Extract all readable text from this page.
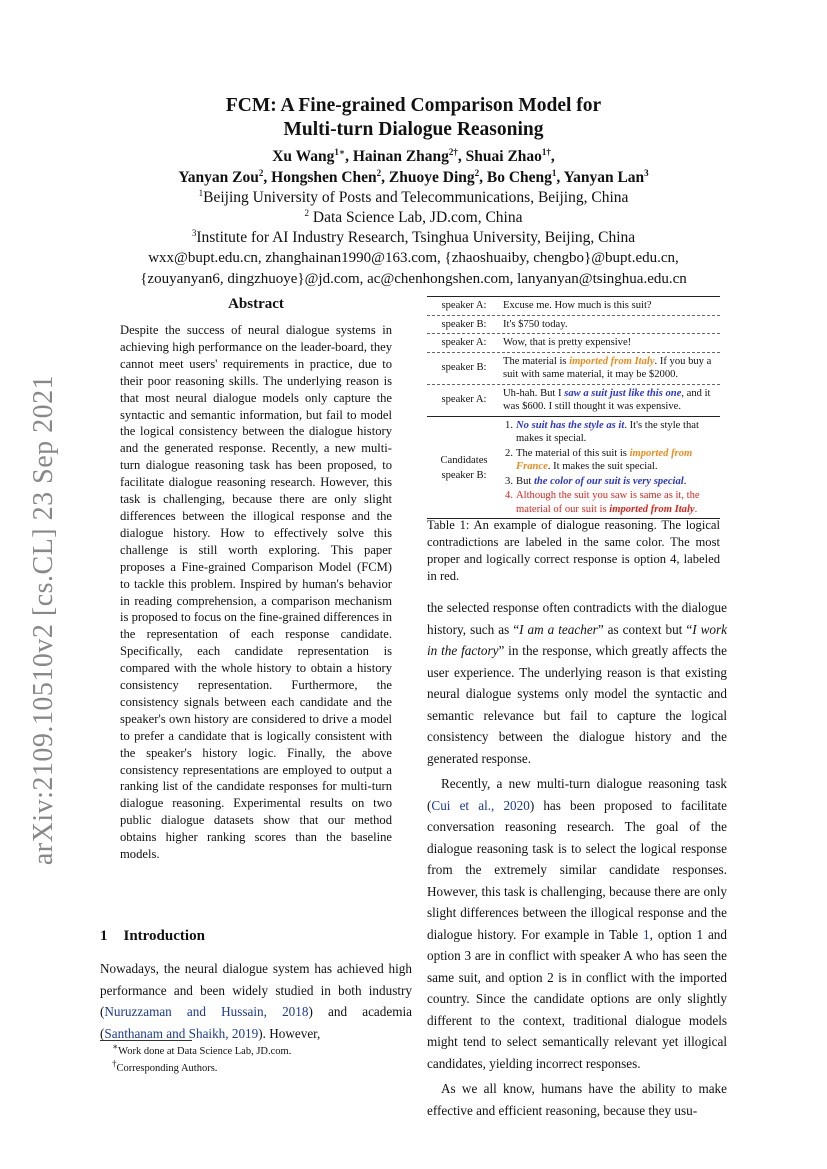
arXiv:2109.10510v2 [cs.CL] 23 Sep 2021
FCM: A Fine-grained Comparison Model for
Multi-turn Dialogue Reasoning
Xu Wang$^{1∗}$, Hainan Zhang$^{2\dagger}$, Shuai Zhao$^{1\dagger}$,
Yanyan Zou$^2$, Hongshen Chen$^2$, Zhuoye Ding$^2$, Bo Cheng$^1$, Yanyan Lan$^3$
$^1$Beijing University of Posts and Telecommunications, Beijing, China
$^2$ Data Science Lab, JD.com, China
$^3$Institute for AI Industry Research, Tsinghua University, Beijing, China
wxx@bupt.edu.cn, zhanghainan1990@163.com, {zhaoshuaiby, chengbo}@bupt.edu.cn,
{zouyanyan6, dingzhuoye}@jd.com, ac@chenhongshen.com, lanyanyan@tsinghua.edu.cn
Abstract
Despite the success of neural dialogue systems in achieving high performance on the leader-board, they cannot meet users' requirements in practice, due to their poor reasoning skills. The underlying reason is that most neural dialogue models only capture the syntactic and semantic information, but fail to model the logical consistency between the dialogue history and the generated response. Recently, a new multi-turn dialogue reasoning task has been proposed, to facilitate dialogue reasoning research. However, this task is challenging, because there are only slight differences between the illogical response and the dialogue history. How to effectively solve this challenge is still worth exploring. This paper proposes a Fine-grained Comparison Model (FCM) to tackle this problem. Inspired by human's behavior in reading comprehension, a comparison mechanism is proposed to focus on the fine-grained differences in the representation of each response candidate. Specifically, each candidate representation is compared with the whole history to obtain a history consistency representation. Furthermore, the consistency signals between each candidate and the speaker's own history are considered to drive a model to prefer a candidate that is logically consistent with the speaker's history logic. Finally, the above consistency representations are employed to output a ranking list of the candidate responses for multi-turn dialogue reasoning. Experimental results on two public dialogue datasets show that our method obtains higher ranking scores than the baseline models.
1 Introduction
Nowadays, the neural dialogue system has achieved high performance and been widely studied in both industry (Nuruzzaman and Hussain, 2018) and academia (Santhanam and Shaikh, 2019). However,
∗Work done at Data Science Lab, JD.com.
†Corresponding Authors.
speaker A:	Excuse me. How much is this suit?
speaker B:	It's $750 today.
speaker A:	Wow, that is pretty expensive!
speaker B:
The material is imported from Italy. If you buy a suit with same material, it may be $2000.
speaker A:
Uh-hah. But I saw a suit just like this one, and it was $600. I still thought it was expensive.
Candidates
speaker B:
1. No suit has the style as it. It's the style that makes it special.
2. The material of this suit is imported from France. It makes the suit special.
3. But the color of our suit is very special.
4. Although the suit you saw is same as it, the material of our suit is imported from Italy.
Table 1: An example of dialogue reasoning. The logical contradictions are labeled in the same color. The most proper and logically correct response is option 4, labeled in red.

the selected response often contradicts with the dialogue history, such as “I am a teacher” as context but “I work in the factory” in the response, which greatly affects the user experience. The underlying reason is that existing neural dialogue systems only model the syntactic and semantic relevance but fail to capture the logical consistency between the dialogue history and the generated response.

Recently, a new multi-turn dialogue reasoning task (Cui et al., 2020) has been proposed to facilitate conversation reasoning research. The goal of the dialogue reasoning task is to select the logical response from the extremely similar candidate responses. However, this task is challenging, because there are only slight differences between the illogical response and the dialogue history. For example in Table 1, option 1 and option 3 are in conflict with speaker A who has seen the same suit, and option 2 is in conflict with the imported country. Since the candidate options are only slightly different to the context, traditional dialogue models might tend to select semantically relevant yet illogical candidates, yielding incorrect responses.

As we all know, humans have the ability to make effective and efficient reasoning, because they usu-
